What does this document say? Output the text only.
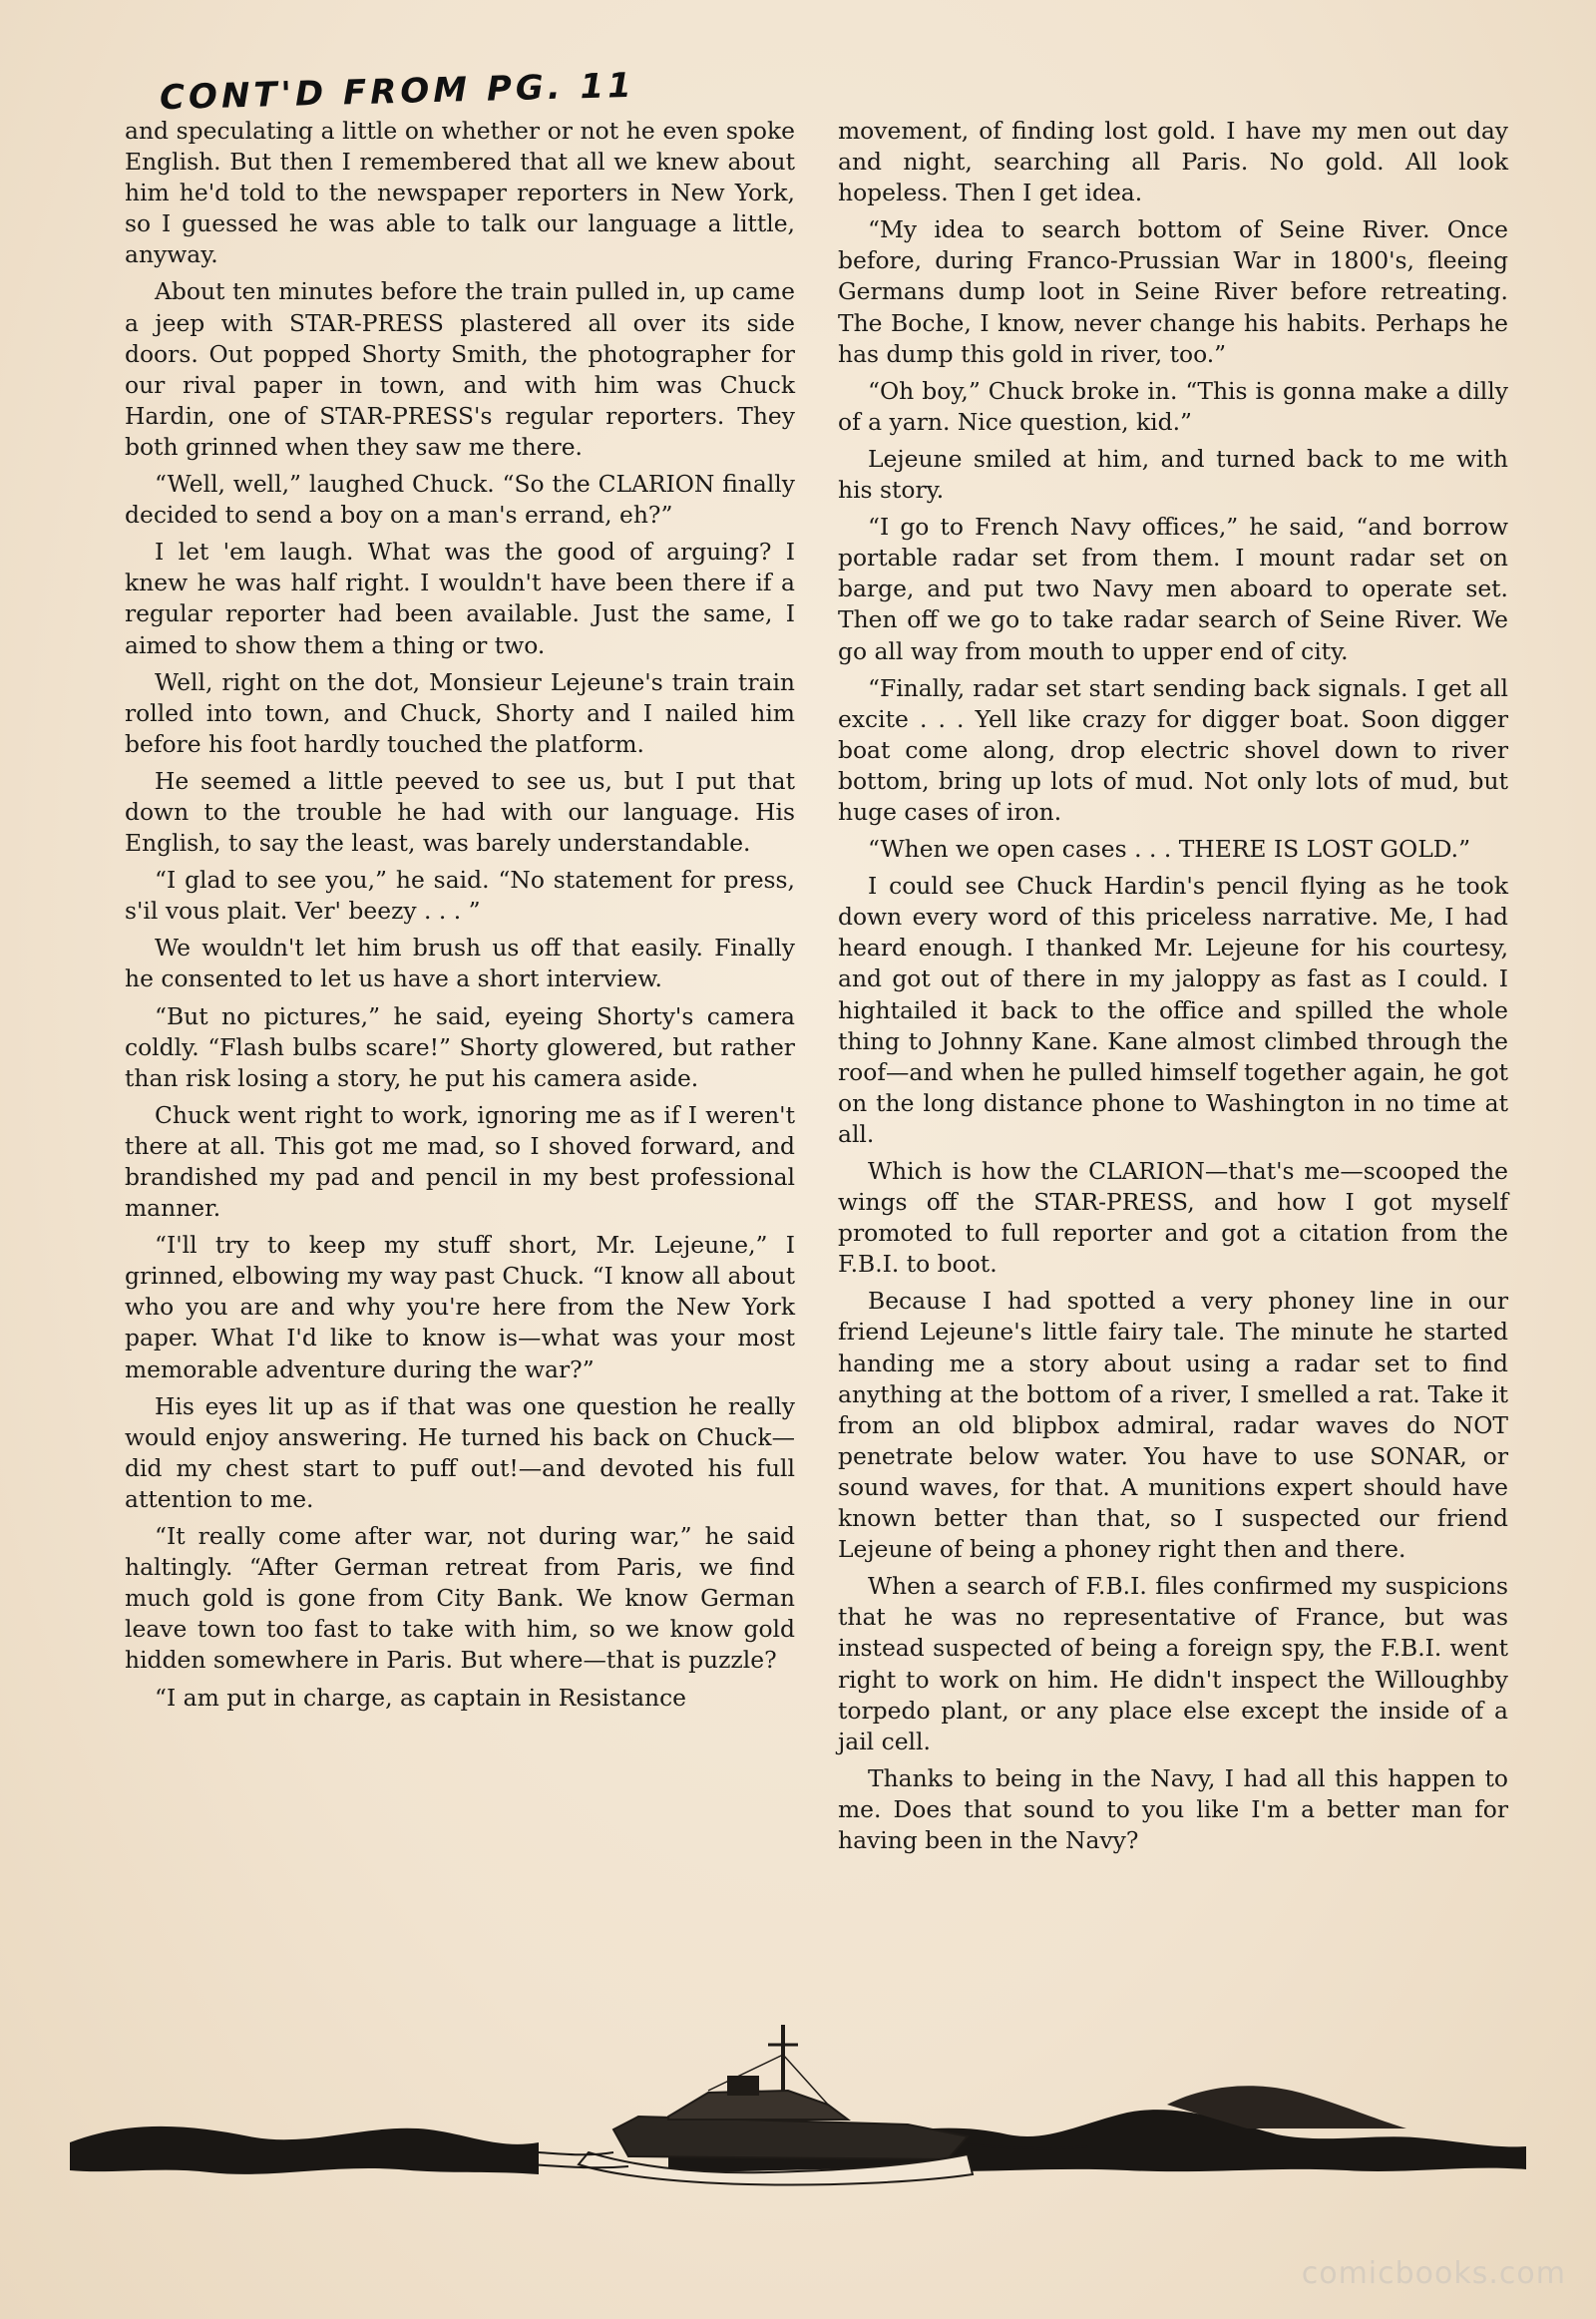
CONT'D FROM PG. 11

and speculating a little on whether or not he even spoke English. But then I remembered that all we knew about him he'd told to the newspaper reporters in New York, so I guessed he was able to talk our language a little, anyway.

About ten minutes before the train pulled in, up came a jeep with STAR-PRESS plastered all over its side doors. Out popped Shorty Smith, the photographer for our rival paper in town, and with him was Chuck Hardin, one of STAR-PRESS's regular reporters. They both grinned when they saw me there.

“Well, well,” laughed Chuck. “So the CLARION finally decided to send a boy on a man's errand, eh?”

I let 'em laugh. What was the good of arguing? I knew he was half right. I wouldn't have been there if a regular reporter had been available. Just the same, I aimed to show them a thing or two.

Well, right on the dot, Monsieur Lejeune's train train rolled into town, and Chuck, Shorty and I nailed him before his foot hardly touched the platform.

He seemed a little peeved to see us, but I put that down to the trouble he had with our language. His English, to say the least, was barely understandable.

“I glad to see you,” he said. “No statement for press, s'il vous plait. Ver' beezy . . . ”

We wouldn't let him brush us off that easily. Finally he consented to let us have a short interview.

“But no pictures,” he said, eyeing Shorty's camera coldly. “Flash bulbs scare!” Shorty glowered, but rather than risk losing a story, he put his camera aside.

Chuck went right to work, ignoring me as if I weren't there at all. This got me mad, so I shoved forward, and brandished my pad and pencil in my best professional manner.

“I'll try to keep my stuff short, Mr. Lejeune,” I grinned, elbowing my way past Chuck. “I know all about who you are and why you're here from the New York paper. What I'd like to know is—what was your most memorable adventure during the war?”

His eyes lit up as if that was one question he really would enjoy answering. He turned his back on Chuck—did my chest start to puff out!—and devoted his full attention to me.

“It really come after war, not during war,” he said haltingly. “After German retreat from Paris, we find much gold is gone from City Bank. We know German leave town too fast to take with him, so we know gold hidden somewhere in Paris. But where—that is puzzle?

“I am put in charge, as captain in Resistance

movement, of finding lost gold. I have my men out day and night, searching all Paris. No gold. All look hopeless. Then I get idea.

“My idea to search bottom of Seine River. Once before, during Franco-Prussian War in 1800's, fleeing Germans dump loot in Seine River before retreating. The Boche, I know, never change his habits. Perhaps he has dump this gold in river, too.”

“Oh boy,” Chuck broke in. “This is gonna make a dilly of a yarn. Nice question, kid.”

Lejeune smiled at him, and turned back to me with his story.

“I go to French Navy offices,” he said, “and borrow portable radar set from them. I mount radar set on barge, and put two Navy men aboard to operate set. Then off we go to take radar search of Seine River. We go all way from mouth to upper end of city.

“Finally, radar set start sending back signals. I get all excite . . . Yell like crazy for digger boat. Soon digger boat come along, drop electric shovel down to river bottom, bring up lots of mud. Not only lots of mud, but huge cases of iron.

“When we open cases . . . THERE IS LOST GOLD.”

I could see Chuck Hardin's pencil flying as he took down every word of this priceless narrative. Me, I had heard enough. I thanked Mr. Lejeune for his courtesy, and got out of there in my jaloppy as fast as I could. I hightailed it back to the office and spilled the whole thing to Johnny Kane. Kane almost climbed through the roof—and when he pulled himself together again, he got on the long distance phone to Washington in no time at all.

Which is how the CLARION—that's me—scooped the wings off the STAR-PRESS, and how I got myself promoted to full reporter and got a citation from the F.B.I. to boot.

Because I had spotted a very phoney line in our friend Lejeune's little fairy tale. The minute he started handing me a story about using a radar set to find anything at the bottom of a river, I smelled a rat. Take it from an old blipbox admiral, radar waves do NOT penetrate below water. You have to use SONAR, or sound waves, for that. A munitions expert should have known better than that, so I suspected our friend Lejeune of being a phoney right then and there.

When a search of F.B.I. files confirmed my suspicions that he was no representative of France, but was instead suspected of being a foreign spy, the F.B.I. went right to work on him. He didn't inspect the Willoughby torpedo plant, or any place else except the inside of a jail cell.

Thanks to being in the Navy, I had all this happen to me. Does that sound to you like I'm a better man for having been in the Navy?

comicbooks.com
